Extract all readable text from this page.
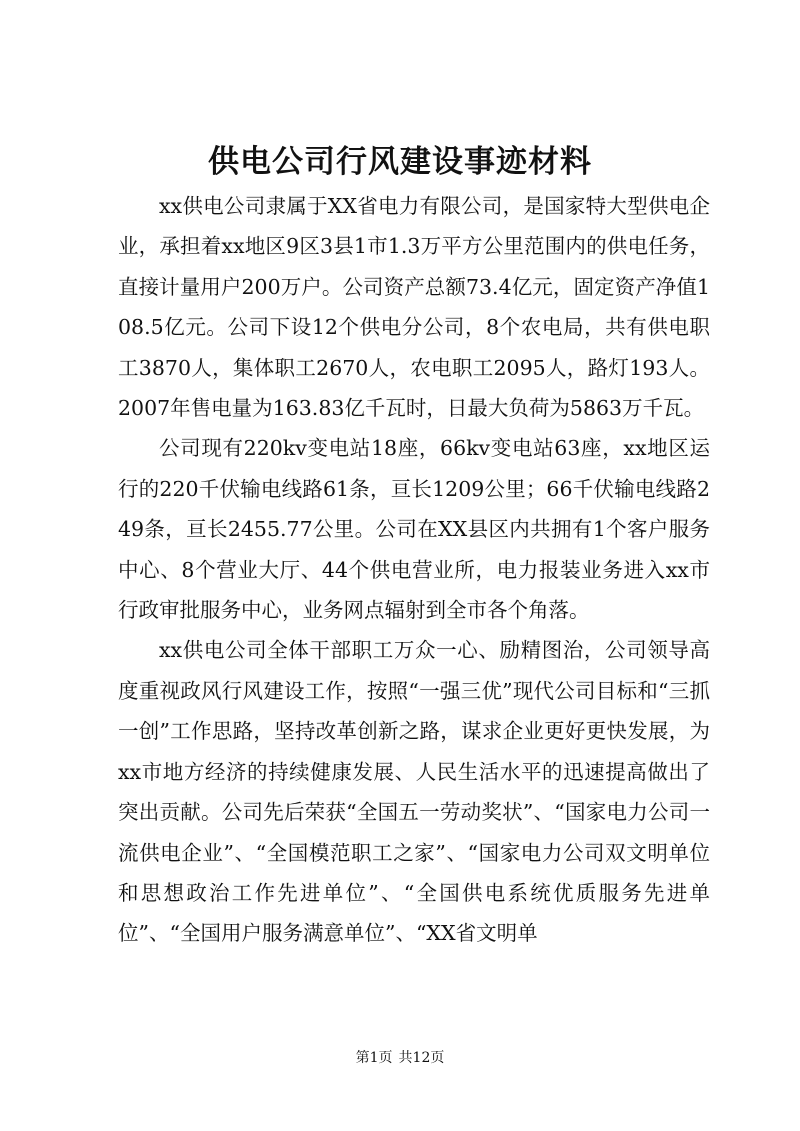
供电公司行风建设事迹材料

xx供电公司隶属于XX省电力有限公司，是国家特大型供电企业，承担着xx地区9区3县1市1.3万平方公里范围内的供电任务，直接计量用户200万户。公司资产总额73.4亿元，固定资产净值108.5亿元。公司下设12个供电分公司，8个农电局，共有供电职工3870人，集体职工2670人，农电职工2095人，路灯193人。2007年售电量为163.83亿千瓦时，日最大负荷为5863万千瓦。

公司现有220kv变电站18座，66kv变电站63座，xx地区运行的220千伏输电线路61条，亘长1209公里；66千伏输电线路249条，亘长2455.77公里。公司在XX县区内共拥有1个客户服务中心、8个营业大厅、44个供电营业所，电力报装业务进入xx市行政审批服务中心，业务网点辐射到全市各个角落。

xx供电公司全体干部职工万众一心、励精图治，公司领导高度重视政风行风建设工作，按照“一强三优”现代公司目标和“三抓一创”工作思路，坚持改革创新之路，谋求企业更好更快发展，为xx市地方经济的持续健康发展、人民生活水平的迅速提高做出了突出贡献。公司先后荣获“全国五一劳动奖状”、“国家电力公司一流供电企业”、“全国模范职工之家”、“国家电力公司双文明单位和思想政治工作先进单位”、“全国供电系统优质服务先进单位”、“全国用户服务满意单位”、“XX省文明单

第1页 共12页
